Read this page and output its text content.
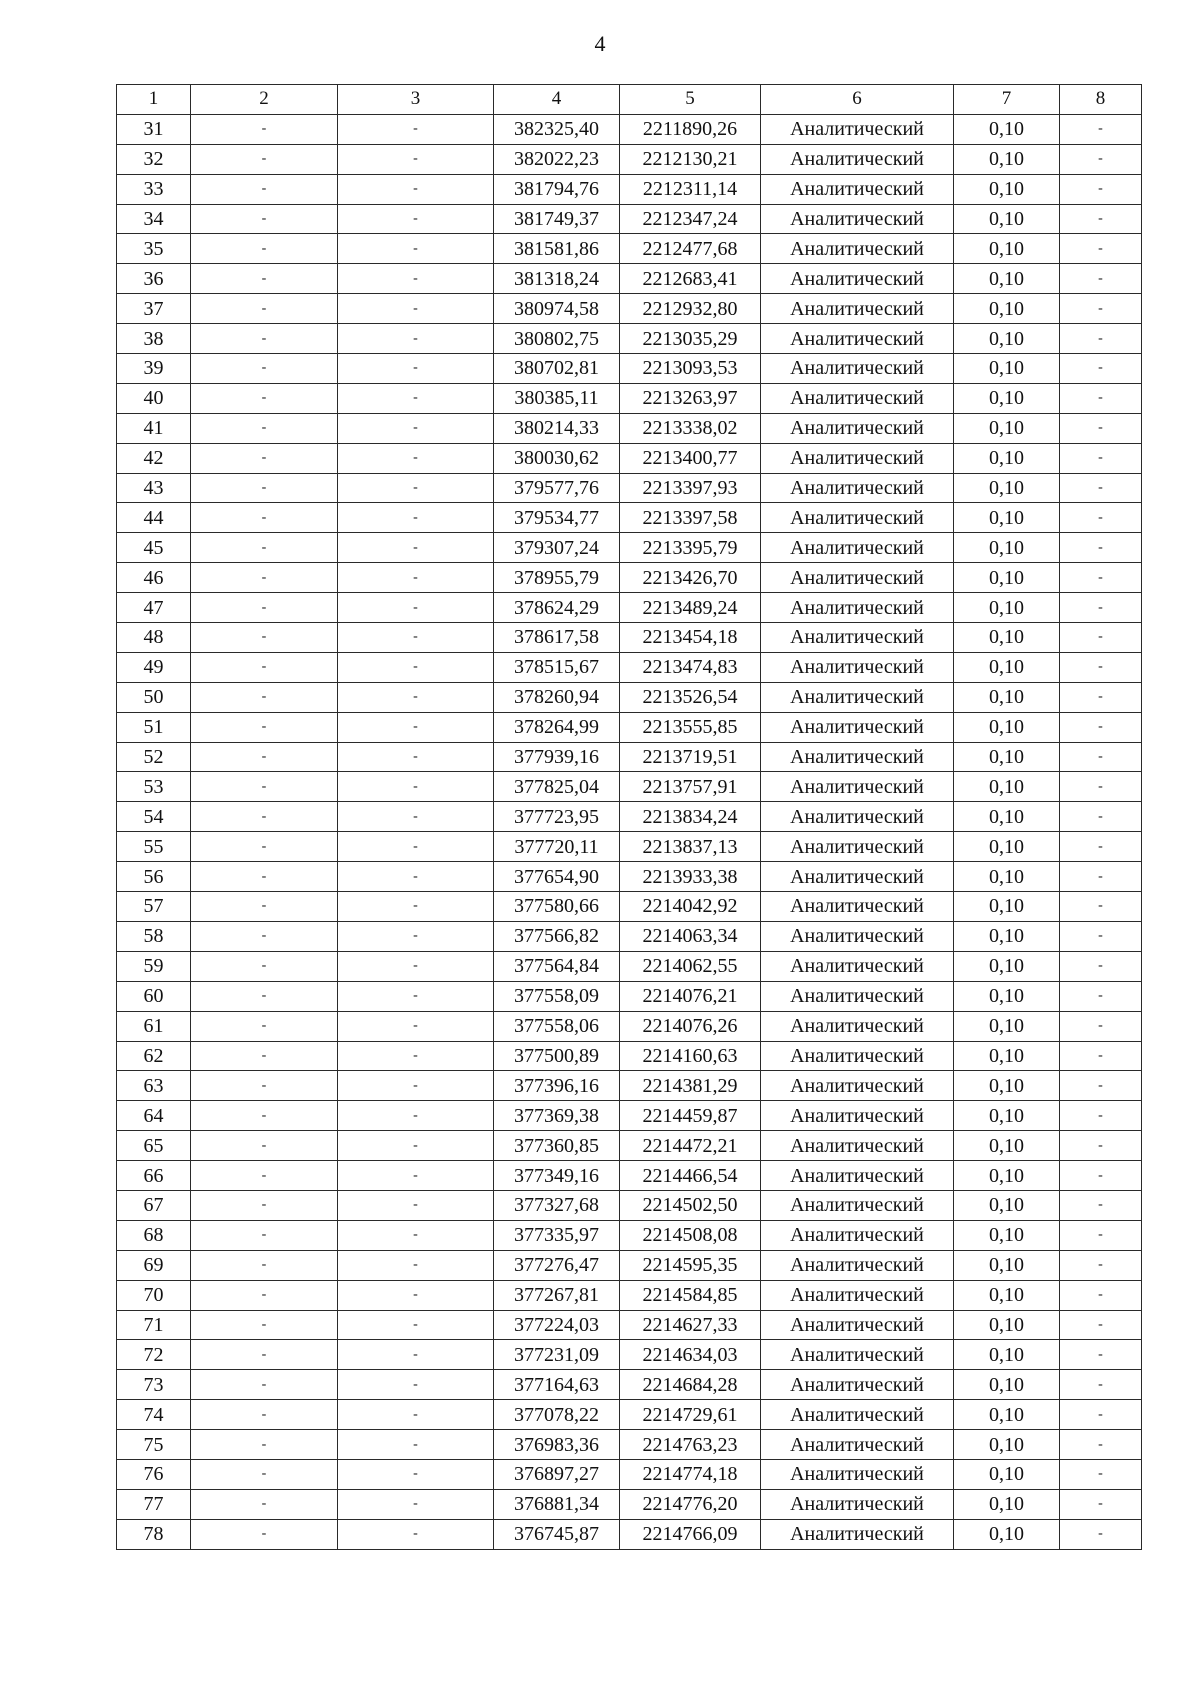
4
1	2	3	4	5	6	7	8
31	-	-	382325,40	2211890,26	Аналитический	0,10	-
32	-	-	382022,23	2212130,21	Аналитический	0,10	-
33	-	-	381794,76	2212311,14	Аналитический	0,10	-
34	-	-	381749,37	2212347,24	Аналитический	0,10	-
35	-	-	381581,86	2212477,68	Аналитический	0,10	-
36	-	-	381318,24	2212683,41	Аналитический	0,10	-
37	-	-	380974,58	2212932,80	Аналитический	0,10	-
38	-	-	380802,75	2213035,29	Аналитический	0,10	-
39	-	-	380702,81	2213093,53	Аналитический	0,10	-
40	-	-	380385,11	2213263,97	Аналитический	0,10	-
41	-	-	380214,33	2213338,02	Аналитический	0,10	-
42	-	-	380030,62	2213400,77	Аналитический	0,10	-
43	-	-	379577,76	2213397,93	Аналитический	0,10	-
44	-	-	379534,77	2213397,58	Аналитический	0,10	-
45	-	-	379307,24	2213395,79	Аналитический	0,10	-
46	-	-	378955,79	2213426,70	Аналитический	0,10	-
47	-	-	378624,29	2213489,24	Аналитический	0,10	-
48	-	-	378617,58	2213454,18	Аналитический	0,10	-
49	-	-	378515,67	2213474,83	Аналитический	0,10	-
50	-	-	378260,94	2213526,54	Аналитический	0,10	-
51	-	-	378264,99	2213555,85	Аналитический	0,10	-
52	-	-	377939,16	2213719,51	Аналитический	0,10	-
53	-	-	377825,04	2213757,91	Аналитический	0,10	-
54	-	-	377723,95	2213834,24	Аналитический	0,10	-
55	-	-	377720,11	2213837,13	Аналитический	0,10	-
56	-	-	377654,90	2213933,38	Аналитический	0,10	-
57	-	-	377580,66	2214042,92	Аналитический	0,10	-
58	-	-	377566,82	2214063,34	Аналитический	0,10	-
59	-	-	377564,84	2214062,55	Аналитический	0,10	-
60	-	-	377558,09	2214076,21	Аналитический	0,10	-
61	-	-	377558,06	2214076,26	Аналитический	0,10	-
62	-	-	377500,89	2214160,63	Аналитический	0,10	-
63	-	-	377396,16	2214381,29	Аналитический	0,10	-
64	-	-	377369,38	2214459,87	Аналитический	0,10	-
65	-	-	377360,85	2214472,21	Аналитический	0,10	-
66	-	-	377349,16	2214466,54	Аналитический	0,10	-
67	-	-	377327,68	2214502,50	Аналитический	0,10	-
68	-	-	377335,97	2214508,08	Аналитический	0,10	-
69	-	-	377276,47	2214595,35	Аналитический	0,10	-
70	-	-	377267,81	2214584,85	Аналитический	0,10	-
71	-	-	377224,03	2214627,33	Аналитический	0,10	-
72	-	-	377231,09	2214634,03	Аналитический	0,10	-
73	-	-	377164,63	2214684,28	Аналитический	0,10	-
74	-	-	377078,22	2214729,61	Аналитический	0,10	-
75	-	-	376983,36	2214763,23	Аналитический	0,10	-
76	-	-	376897,27	2214774,18	Аналитический	0,10	-
77	-	-	376881,34	2214776,20	Аналитический	0,10	-
78	-	-	376745,87	2214766,09	Аналитический	0,10	-
